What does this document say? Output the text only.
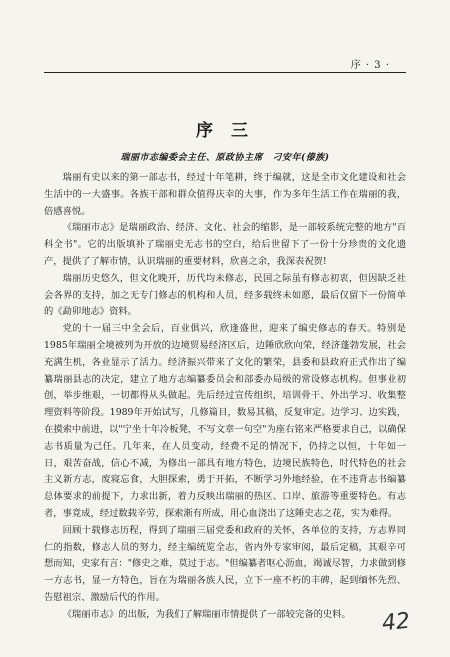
序 · 3 ·
序 三
瑞丽市志编委会主任、原政协主席　刁安年(傣族)

瑞丽有史以来的第一部志书，经过十年笔耕，终于编就，这是全市文化建设和社会生活中的一大盛事。各族干部和群众值得庆幸的大事，作为多年生活工作在瑞丽的我，倍感喜悦。

《瑞丽市志》是瑞丽政治、经济、文化、社会的缩影，是一部较系统完整的地方"百科全书"。它的出版填补了瑞丽史无志书的空白，给后世留下了一份十分珍贵的文化遗产，提供了了解市情，认识瑞丽的重要材料，欣喜之余，我深表祝贺!

瑞丽历史悠久，但文化晚开，历代均未修志，民国之际虽有修志初衷，但因缺乏社会各界的支持，加之无专门修志的机构和人员，经多载终未如愿，最后仅留下一份简单的《勐卯地志》资料。

党的十一届三中全会后，百业俱兴，欣逢盛世，迎来了编史修志的春天。特别是1985年瑞丽全境被列为开放的边境贸易经济区后，边陲欣欣向荣，经济蓬勃发展，社会充满生机，各业显示了活力。经济振兴带来了文化的繁荣，县委和县政府正式作出了编纂瑞丽县志的决定，建立了地方志编纂委员会和部委办局级的常设修志机构。但事业初创，举步维艰，一切都得从头做起。先后经过宣传组织，培训骨干、外出学习、收集整理资料等阶段。1989年开始试写，几修篇目，数易其稿，反复审定。边学习、边实践，在摸索中前进，以"宁坐十年冷板凳，不写文章一句空"为座右铭来严格要求自己，以确保志书质量为己任。几年来，在人员变动，经费不足的情况下，仍持之以恒，十年如一日，艰苦奋战，信心不减，为修出一部具有地方特色，边境民族特色，时代特色的社会主义新方志，废寝忘食，大胆探索，勇于开拓，不断学习外地经验，在不违背志书编纂总体要求的前提下，力求出新，着力反映出瑞丽的热区、口岸、旅游等重要特色。有志者，事竟成，经过数载辛劳，探索渐有所成，用心血浇出了这陲史志之花，实为难得。

回顾十载修志历程，得到了瑞丽三届党委和政府的关怀，各单位的支持，方志界同仁的指数，修志人员的努力，经主编统览全志，省内外专家审阅，最后定稿，其艰辛可想而知，史家有言："修史之难，莫过于志。"但编纂者呕心沥血，竭诚尽智，力求做到修一方志书，显一方特色，旨在为瑞丽各族人民，立下一座不朽的丰碑，起到缅怀先烈、告慰祖宗、激励后代的作用。

《瑞丽市志》的出版，为我们了解瑞丽市情提供了一部较完备的史料。	42
